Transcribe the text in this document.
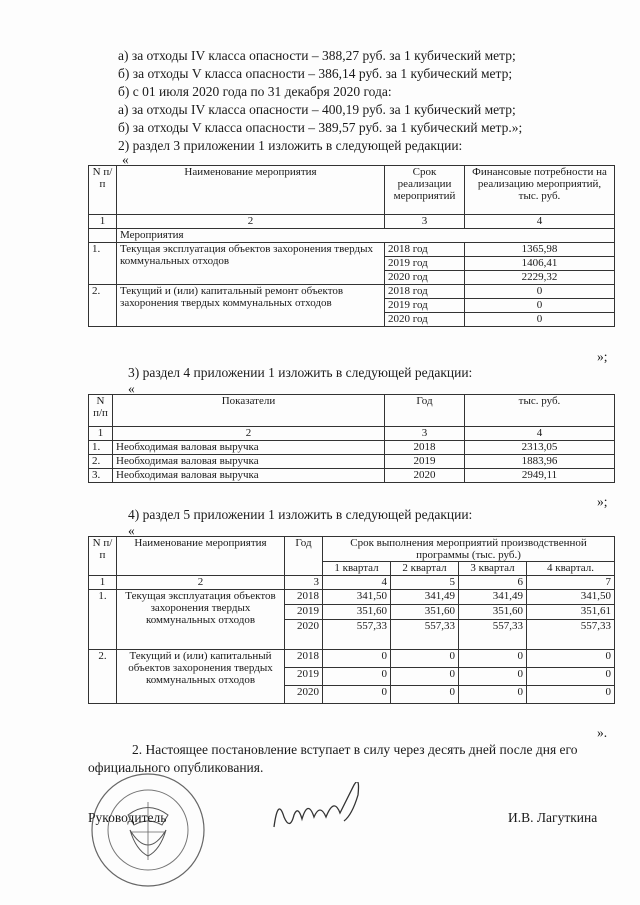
а) за отходы IV класса опасности – 388,27 руб. за 1 кубический метр;
б) за отходы V класса опасности – 386,14 руб. за 1 кубический метр;
б) с 01 июля 2020 года по 31 декабря 2020 года:
а) за отходы IV класса опасности – 400,19 руб. за 1 кубический метр;
б) за отходы V класса опасности – 389,57 руб. за 1 кубический метр.»;
2) раздел 3 приложении 1 изложить в следующей редакции:
«
N п/п	Наименование мероприятия	Срок реализации мероприятий	Финансовые потребности на реализацию мероприятий, тыс. руб.
1	2	3	4
	Мероприятия		
1.	Текущая эксплуатация объектов захоронения твердых коммунальных отходов	2018 год	1365,98
		2019 год	1406,41
		2020 год	2229,32
2.	Текущий и (или) капитальный ремонт объектов захоронения твердых коммунальных отходов	2018 год	0
		2019 год	0
		2020 год	0
»;
3) раздел 4 приложении 1 изложить в следующей редакции:
«
N п/п	Показатели	Год	тыс. руб.
1	2	3	4
1.	Необходимая валовая выручка	2018	2313,05
2.	Необходимая валовая выручка	2019	1883,96
3.	Необходимая валовая выручка	2020	2949,11
»;
4) раздел 5 приложении 1 изложить в следующей редакции:
«
N п/п	Наименование мероприятия	Год	Срок выполнения мероприятий производственной программы (тыс. руб.)			
			1 квартал	2 квартал	3 квартал	4 квартал.
1	2	3	4	5	6	7
1.	Текущая эксплуатация объектов захоронения твердых коммунальных отходов	2018	341,50	341,49	341,49	341,50
		2019	351,60	351,60	351,60	351,61
		2020	557,33	557,33	557,33	557,33
2.	Текущий и (или) капитальный объектов захоронения твердых коммунальных отходов	2018	0	0	0	0
		2019	0	0	0	0
		2020	0	0	0	0
».
2. Настоящее постановление вступает в силу через десять дней после дня его официального опубликования.
Руководитель	И.В. Лагуткина
